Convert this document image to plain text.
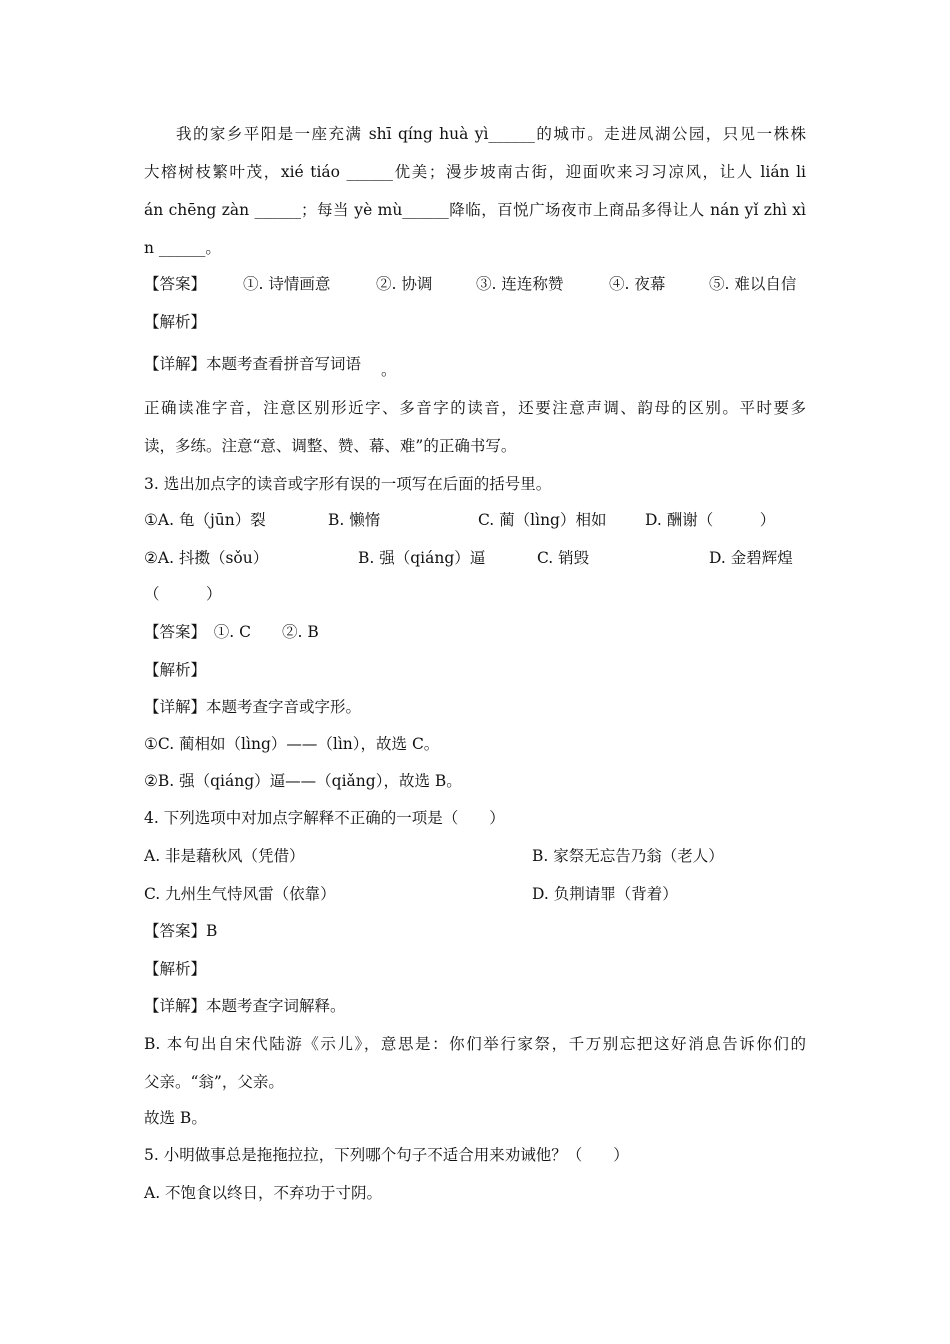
我的家乡平阳是一座充满 shī qíng huà yì______的城市。走进凤湖公园，只见一株株
大榕树枝繁叶茂，xié tiáo ______优美；漫步坡南古街，迎面吹来习习凉风，让人 lián li
án chēng zàn ______；每当 yè mù______降临，百悦广场夜市上商品多得让人 nán yǐ zhì xì
n ______。
【答案】 ①. 诗情画意	②. 协调	③. 连连称赞	④. 夜幕	⑤. 难以自信
【解析】
【详解】本题考查看拼音写词语 。
正确读准字音，注意区别形近字、多音字的读音，还要注意声调、韵母的区别。平时要多
读，多练。注意“意、调整、赞、幕、难”的正确书写。
3. 选出加点字的读音或字形有误的一项写在后面的括号里。
①A. 龟（jūn）裂	B. 懒惰	C. 蔺（lìng）相如 D. 酬谢（　　　）
②A. 抖擞（sǒu）	B. 强（qiáng）逼	C. 销毁	D. 金碧辉煌
（　　　）
【答案】　①. C　　②. B
【解析】
【详解】本题考查字音或字形。
①C. 蔺相如（lìng）——（lìn），故选 C。
②B. 强（qiáng）逼——（qiǎng），故选 B。
4. 下列选项中对加点字解释不正确的一项是（　　）
A. 非是藉秋风（凭借）	B. 家祭无忘告乃翁（老人）
C. 九州生气恃风雷（依靠）	D. 负荆请罪（背着）
【答案】B
【解析】
【详解】本题考查字词解释。
B. 本句出自宋代陆游《示儿》，意思是：你们举行家祭，千万别忘把这好消息告诉你们的
父亲。“翁”，父亲。
故选 B。
5. 小明做事总是拖拖拉拉，下列哪个句子不适合用来劝诫他？（　　）
A. 不饱食以终日，不弃功于寸阴。
